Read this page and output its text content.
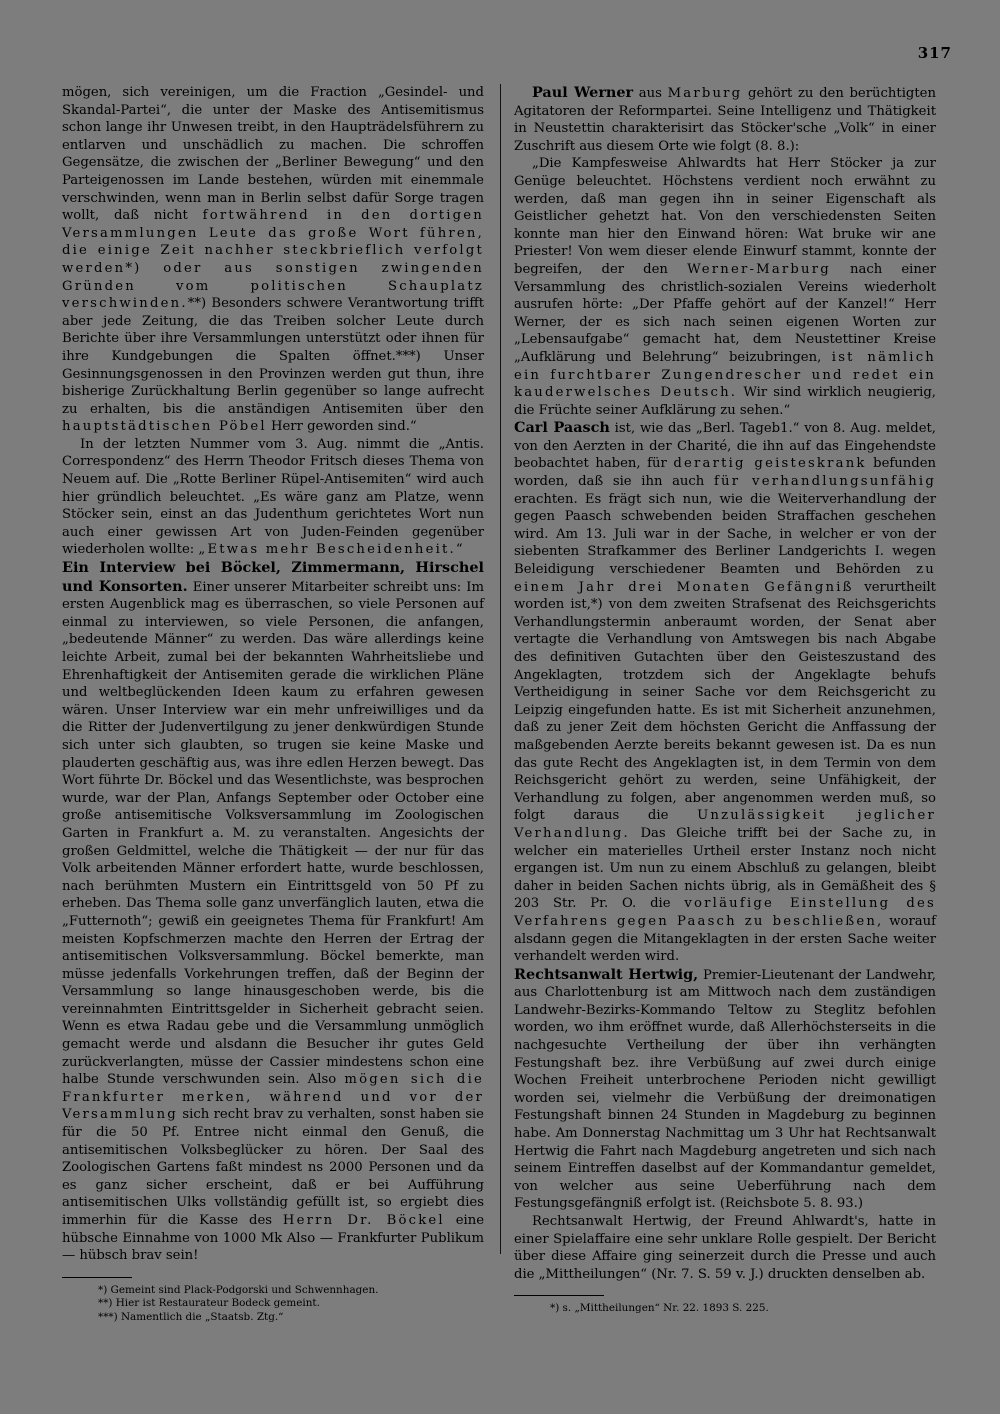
317

mögen, sich vereinigen, um die Fraction „Gesindel- und Skandal-Partei“, die unter der Maske des Antisemitismus schon lange ihr Unwesen treibt, in den Haupträdelsführern zu entlarven und unschädlich zu machen. Die schroffen Gegensätze, die zwischen der „Berliner Bewegung“ und den Parteigenossen im Lande bestehen, würden mit einemmale verschwinden, wenn man in Berlin selbst dafür Sorge tragen wollt, daß nicht fortwährend in den dortigen Versammlungen Leute das große Wort führen, die einige Zeit nachher steckbrieflich verfolgt werden*) oder aus sonstigen zwingenden Gründen vom politischen Schauplatz verschwinden.**) Besonders schwere Verantwortung trifft aber jede Zeitung, die das Treiben solcher Leute durch Berichte über ihre Versammlungen unterstützt oder ihnen für ihre Kundgebungen die Spalten öffnet.***) Unser Gesinnungsgenossen in den Provinzen werden gut thun, ihre bisherige Zurückhaltung Berlin gegenüber so lange aufrecht zu erhalten, bis die anständigen Antisemiten über den hauptstädtischen Pöbel Herr geworden sind.“

In der letzten Nummer vom 3. Aug. nimmt die „Antis. Correspondenz“ des Herrn Theodor Fritsch dieses Thema von Neuem auf. Die „Rotte Berliner Rüpel-Antisemiten“ wird auch hier gründlich beleuchtet. „Es wäre ganz am Platze, wenn Stöcker sein, einst an das Judenthum gerichtetes Wort nun auch einer gewissen Art von Juden-Feinden gegenüber wiederholen wollte: „Etwas mehr Bescheidenheit.“

Ein Interview bei Böckel, Zimmermann, Hirschel und Konsorten. Einer unserer Mitarbeiter schreibt uns: Im ersten Augenblick mag es überraschen, so viele Personen auf einmal zu interviewen, so viele Personen, die anfangen, „bedeutende Männer“ zu werden. Das wäre allerdings keine leichte Arbeit, zumal bei der bekannten Wahrheitsliebe und Ehrenhaftigkeit der Antisemiten gerade die wirklichen Pläne und weltbeglückenden Ideen kaum zu erfahren gewesen wären. Unser Interview war ein mehr unfreiwilliges und da die Ritter der Judenvertilgung zu jener denkwürdigen Stunde sich unter sich glaubten, so trugen sie keine Maske und plauderten geschäftig aus, was ihre edlen Herzen bewegt. Das Wort führte Dr. Böckel und das Wesentlichste, was besprochen wurde, war der Plan, Anfangs September oder October eine große antisemitische Volksversammlung im Zoologischen Garten in Frankfurt a. M. zu veranstalten. Angesichts der großen Geldmittel, welche die Thätigkeit — der nur für das Volk arbeitenden Männer erfordert hatte, wurde beschlossen, nach berühmten Mustern ein Eintrittsgeld von 50 Pf zu erheben. Das Thema solle ganz unverfänglich lauten, etwa die „Futternoth“; gewiß ein geeignetes Thema für Frankfurt! Am meisten Kopfschmerzen machte den Herren der Ertrag der antisemitischen Volksversammlung. Böckel bemerkte, man müsse jedenfalls Vorkehrungen treffen, daß der Beginn der Versammlung so lange hinausgeschoben werde, bis die vereinnahmten Eintrittsgelder in Sicherheit gebracht seien. Wenn es etwa Radau gebe und die Versammlung unmöglich gemacht werde und alsdann die Besucher ihr gutes Geld zurückverlangten, müsse der Cassier mindestens schon eine halbe Stunde verschwunden sein. Also mögen sich die Frankfurter merken, während und vor der Versammlung sich recht brav zu verhalten, sonst haben sie für die 50 Pf. Entree nicht einmal den Genuß, die antisemitischen Volksbeglücker zu hören. Der Saal des Zoologischen Gartens faßt mindest ns 2000 Personen und da es ganz sicher erscheint, daß er bei Aufführung antisemitischen Ulks vollständig gefüllt ist, so ergiebt dies immerhin für die Kasse des Herrn Dr. Böckel eine hübsche Einnahme von 1000 Mk Also — Frankfurter Publikum — hübsch brav sein!

*) Gemeint sind Plack-Podgorski und Schwennhagen.

**) Hier ist Restaurateur Bodeck gemeint.

***) Namentlich die „Staatsb. Ztg.“

Paul Werner aus Marburg gehört zu den berüchtigten Agitatoren der Reformpartei. Seine Intelligenz und Thätigkeit in Neustettin charakterisirt das Stöcker'sche „Volk“ in einer Zuschrift aus diesem Orte wie folgt (8. 8.):

„Die Kampfesweise Ahlwardts hat Herr Stöcker ja zur Genüge beleuchtet. Höchstens verdient noch erwähnt zu werden, daß man gegen ihn in seiner Eigenschaft als Geistlicher gehetzt hat. Von den verschiedensten Seiten konnte man hier den Einwand hören: Wat bruke wir ane Priester! Von wem dieser elende Einwurf stammt, konnte der begreifen, der den Werner-Marburg nach einer Versammlung des christlich-sozialen Vereins wiederholt ausrufen hörte: „Der Pfaffe gehört auf der Kanzel!“ Herr Werner, der es sich nach seinen eigenen Worten zur „Lebensaufgabe“ gemacht hat, dem Neustettiner Kreise „Aufklärung und Belehrung“ beizubringen, ist nämlich ein furchtbarer Zungendrescher und redet ein kauderwelsches Deutsch. Wir sind wirklich neugierig, die Früchte seiner Aufklärung zu sehen.“

Carl Paasch ist, wie das „Berl. Tageb1.“ von 8. Aug. meldet, von den Aerzten in der Charité, die ihn auf das Eingehendste beobachtet haben, für derartig geisteskrank befunden worden, daß sie ihn auch für verhandlungsunfähig erachten. Es frägt sich nun, wie die Weiterverhandlung der gegen Paasch schwebenden beiden Straffachen geschehen wird. Am 13. Juli war in der Sache, in welcher er von der siebenten Strafkammer des Berliner Landgerichts I. wegen Beleidigung verschiedener Beamten und Behörden zu einem Jahr drei Monaten Gefängniß verurtheilt worden ist,*) von dem zweiten Strafsenat des Reichsgerichts Verhandlungstermin anberaumt worden, der Senat aber vertagte die Verhandlung von Amtswegen bis nach Abgabe des definitiven Gutachten über den Geisteszustand des Angeklagten, trotzdem sich der Angeklagte behufs Vertheidigung in seiner Sache vor dem Reichsgericht zu Leipzig eingefunden hatte. Es ist mit Sicherheit anzunehmen, daß zu jener Zeit dem höchsten Gericht die Anffassung der maßgebenden Aerzte bereits bekannt gewesen ist. Da es nun das gute Recht des Angeklagten ist, in dem Termin von dem Reichsgericht gehört zu werden, seine Unfähigkeit, der Verhandlung zu folgen, aber angenommen werden muß, so folgt daraus die Unzulässigkeit jeglicher Verhandlung. Das Gleiche trifft bei der Sache zu, in welcher ein materielles Urtheil erster Instanz noch nicht ergangen ist. Um nun zu einem Abschluß zu gelangen, bleibt daher in beiden Sachen nichts übrig, als in Gemäßheit des § 203 Str. Pr. O. die vorläufige Einstellung des Verfahrens gegen Paasch zu beschließen, worauf alsdann gegen die Mitangeklagten in der ersten Sache weiter verhandelt werden wird.

Rechtsanwalt Hertwig, Premier-Lieutenant der Landwehr, aus Charlottenburg ist am Mittwoch nach dem zuständigen Landwehr-Bezirks-Kommando Teltow zu Steglitz befohlen worden, wo ihm eröffnet wurde, daß Allerhöchsterseits in die nachgesuchte Vertheilung der über ihn verhängten Festungshaft bez. ihre Verbüßung auf zwei durch einige Wochen Freiheit unterbrochene Perioden nicht gewilligt worden sei, vielmehr die Verbüßung der dreimonatigen Festungshaft binnen 24 Stunden in Magdeburg zu beginnen habe. Am Donnerstag Nachmittag um 3 Uhr hat Rechtsanwalt Hertwig die Fahrt nach Magdeburg angetreten und sich nach seinem Eintreffen daselbst auf der Kommandantur gemeldet, von welcher aus seine Ueberführung nach dem Festungsgefängniß erfolgt ist. (Reichsbote 5. 8. 93.)

Rechtsanwalt Hertwig, der Freund Ahlwardt's, hatte in einer Spielaffaire eine sehr unklare Rolle gespielt. Der Bericht über diese Affaire ging seinerzeit durch die Presse und auch die „Mittheilungen“ (Nr. 7. S. 59 v. J.) druckten denselben ab.

*) s. „Mittheilungen“ Nr. 22. 1893 S. 225.
